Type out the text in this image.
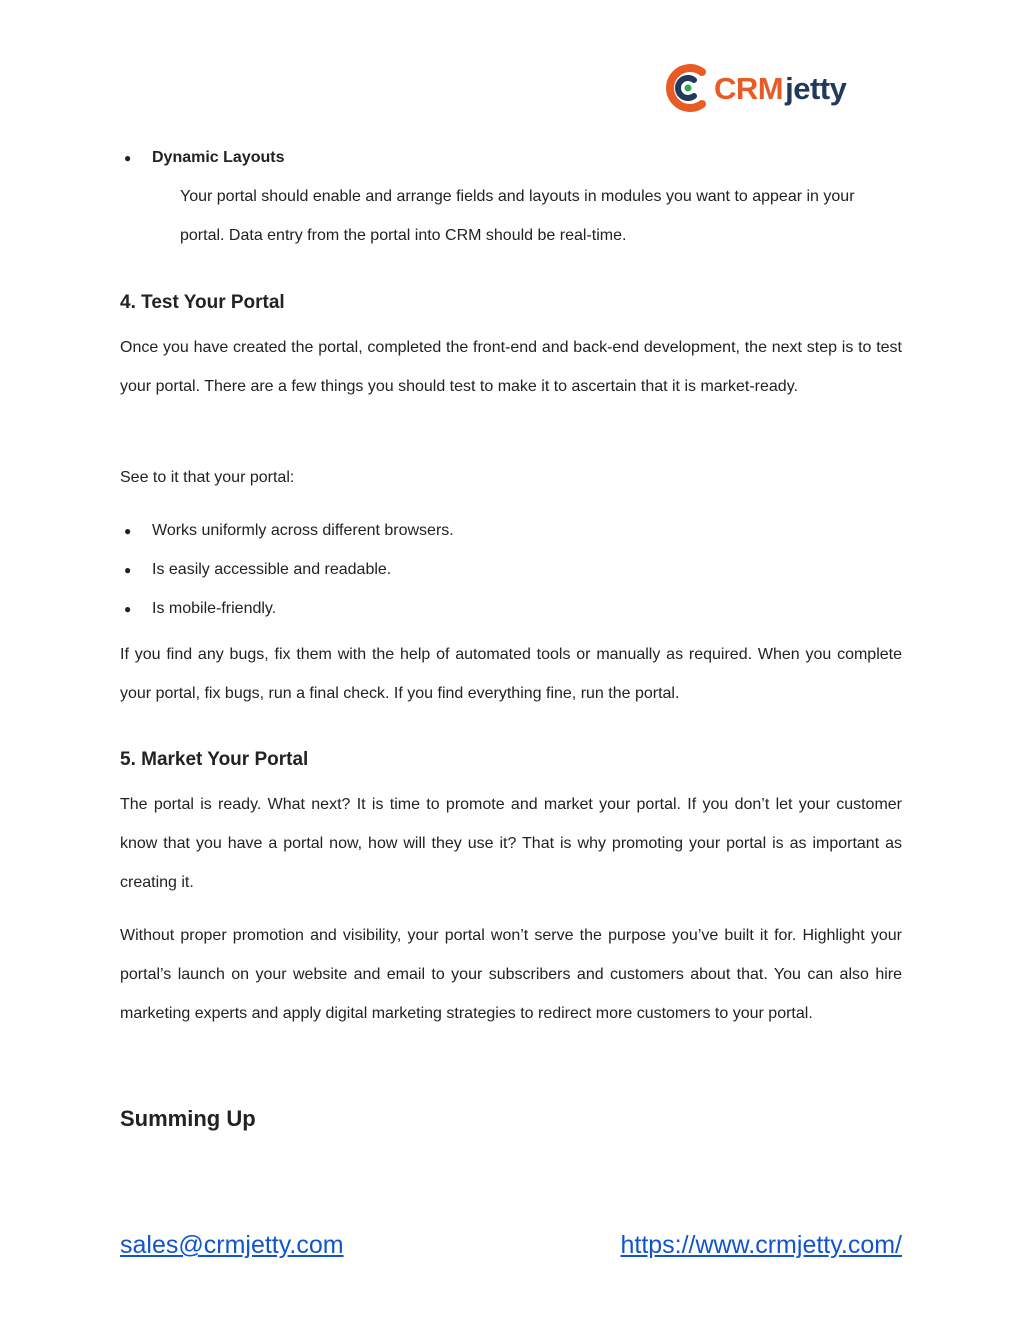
CRMjetty
● Dynamic Layouts

Your portal should enable and arrange fields and layouts in modules you want to appear in your portal. Data entry from the portal into CRM should be real-time.

4. Test Your Portal

Once you have created the portal, completed the front-end and back-end development, the next step is to test your portal. There are a few things you should test to make it to ascertain that it is market-ready.

See to it that your portal:

● Works uniformly across different browsers.
● Is easily accessible and readable.
● Is mobile-friendly.

If you find any bugs, fix them with the help of automated tools or manually as required. When you complete your portal, fix bugs, run a final check. If you find everything fine, run the portal.

5. Market Your Portal

The portal is ready. What next? It is time to promote and market your portal. If you don’t let your customer know that you have a portal now, how will they use it? That is why promoting your portal is as important as creating it.

Without proper promotion and visibility, your portal won’t serve the purpose you’ve built it for. Highlight your portal’s launch on your website and email to your subscribers and customers about that. You can also hire marketing experts and apply digital marketing strategies to redirect more customers to your portal.

Summing Up
sales@crmjetty.com	https://www.crmjetty.com/
